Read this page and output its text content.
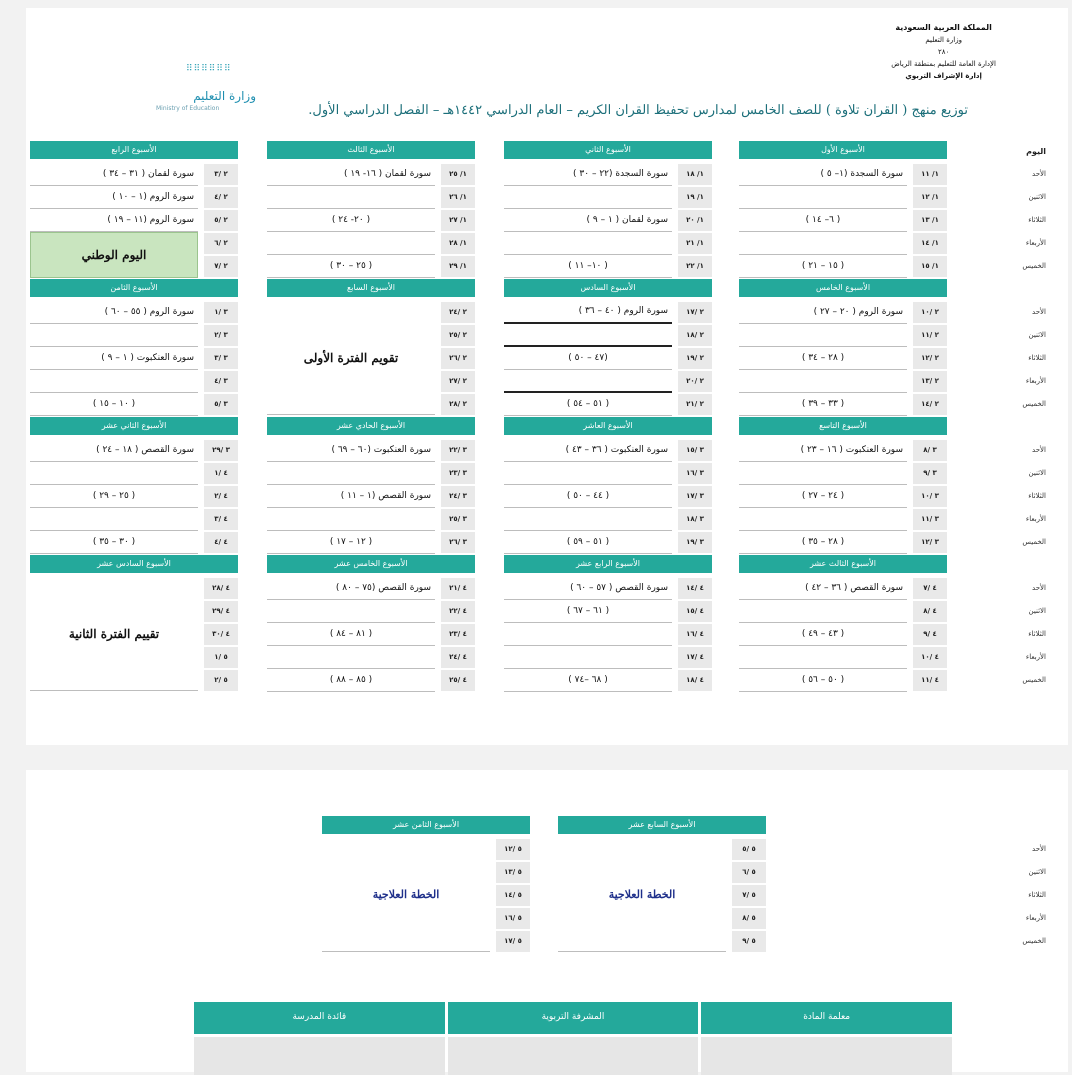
المملكة العربية السعودية
وزارة التعليم
٢٨٠
الإدارة العامة للتعليم بمنطقة الرياض
إدارة الإشراف التربوي
⠿⠿⠿⠿⠿⠿
وزارة التعليم
Ministry of Education	توزيع منهج ( القران تلاوة ) للصف الخامس لمدارس تحفيظ القران الكريم – العام الدراسي ١٤٤٢هـ – الفصل الدراسي الأول.
معلمة المادة
المشرفة التربوية
قائدة المدرسة
اليوم
الأحد
الاثنين
الثلاثاء
الأربعاء
الخميس
الأسبوع الأول
١/ ١١
سورة السجدة (١– ٥ )
١/ ١٢
١/ ١٣
( ٦– ١٤ )
١/ ١٤
١/ ١٥
( ١٥ – ٢١ )
الأسبوع الثاني
١/ ١٨
سورة السجدة (٢٢ – ٣٠ )
١/ ١٩
١/ ٢٠
سورة لقمان ( ١ – ٩ )
١/ ٢١
١/ ٢٢
( ١٠– ١١ )
الأسبوع الثالث
١/ ٢٥
سورة لقمان ( ١٦- ١٩ )
١/ ٢٦
١/ ٢٧
( ٢٠- ٢٤ )
١/ ٢٨
١/ ٢٩
( ٢٥ – ٣٠ )
الأسبوع الرابع
٢ /٣
سورة لقمان ( ٣١ – ٣٤ )
٢ /٤
سورة الروم (١ – ١٠ )
٢ /٥
سورة الروم (١١ – ١٩ )
٢ /٦
٢ /٧
اليوم الوطني
الأحد
الاثنين
الثلاثاء
الأربعاء
الخميس
الأسبوع الخامس
٢ /١٠
سورة الروم ( ٢٠ – ٢٧ )
٢ /١١
٢ /١٢
( ٢٨ – ٣٤ )
٢ /١٣
٢ /١٤
( ٣٣ – ٣٩ )
الأسبوع السادس
٢ /١٧
سورة الروم ( ٤٠ – ٣٦ )
٢ /١٨
٢ /١٩
(٤٧ – ٥٠ )
٢ /٢٠
٢ /٢١
( ٥١ – ٥٤ )
الأسبوع السابع
٢ /٢٤
٢ /٢٥
٢ /٢٦
٢ /٢٧
٢ /٢٨
تقويم الفترة الأولى
الأسبوع الثامن
٣ /١
سورة الروم ( ٥٥ – ٦٠ )
٣ /٢
٣ /٣
سورة العنكبوت ( ١ – ٩ )
٣ /٤
٣ /٥
( ١٠ – ١٥ )
الأحد
الاثنين
الثلاثاء
الأربعاء
الخميس
الأسبوع التاسع
٣ /٨
سورة العنكبوت ( ١٦ – ٢٣ )
٣ /٩
٣ /١٠
( ٢٤ – ٢٧ )
٣ /١١
٣ /١٢
( ٢٨ – ٣٥ )
الأسبوع العاشر
٣ /١٥
سورة العنكبوت ( ٣٦ – ٤٣ )
٣ /١٦
٣ /١٧
( ٤٤ – ٥٠ )
٣ /١٨
٣ /١٩
( ٥١ – ٥٩ )
الأسبوع الحادي عشر
٣ /٢٢
سورة العنكبوت (٦٠ – ٦٩ )
٣ /٢٣
٣ /٢٤
سورة القصص (١ – ١١ )
٣ /٢٥
٣ /٢٦
( ١٢ – ١٧ )
الأسبوع الثاني عشر
٣ /٢٩
سورة القصص ( ١٨ – ٢٤ )
٤ /١
٤ /٢
( ٢٥ – ٢٩ )
٤ /٣
٤ /٤
( ٣٠ – ٣٥ )
الأحد
الاثنين
الثلاثاء
الأربعاء
الخميس
الأسبوع الثالث عشر
٤ /٧
سورة القصص ( ٣٦ – ٤٢ )
٤ /٨
٤ /٩
( ٤٣ – ٤٩ )
٤ /١٠
٤ /١١
( ٥٠ – ٥٦ )
الأسبوع الرابع عشر
٤ /١٤
سورة القصص ( ٥٧ – ٦٠ )
٤ /١٥
( ٦١ – ٦٧ )
٤ /١٦
٤ /١٧
٤ /١٨
( ٦٨ –٧٤ )
الأسبوع الخامس عشر
٤ /٢١
سورة القصص (٧٥ – ٨٠ )
٤ /٢٢
٤ /٢٣
( ٨١ – ٨٤ )
٤ /٢٤
٤ /٢٥
( ٨٥ – ٨٨ )
الأسبوع السادس عشر
٤ /٢٨
٤ /٢٩
٤ /٣٠
٥ /١
٥ /٢
تقييم الفترة الثانية
الأحد
الاثنين
الثلاثاء
الأربعاء
الخميس
الأسبوع السابع عشر
٥ /٥
٥ /٦
٥ /٧
٥ /٨
٥ /٩
الخطة العلاجية
الأسبوع الثامن عشر
٥ /١٢
٥ /١٣
٥ /١٤
٥ /١٦
٥ /١٧
الخطة العلاجية
